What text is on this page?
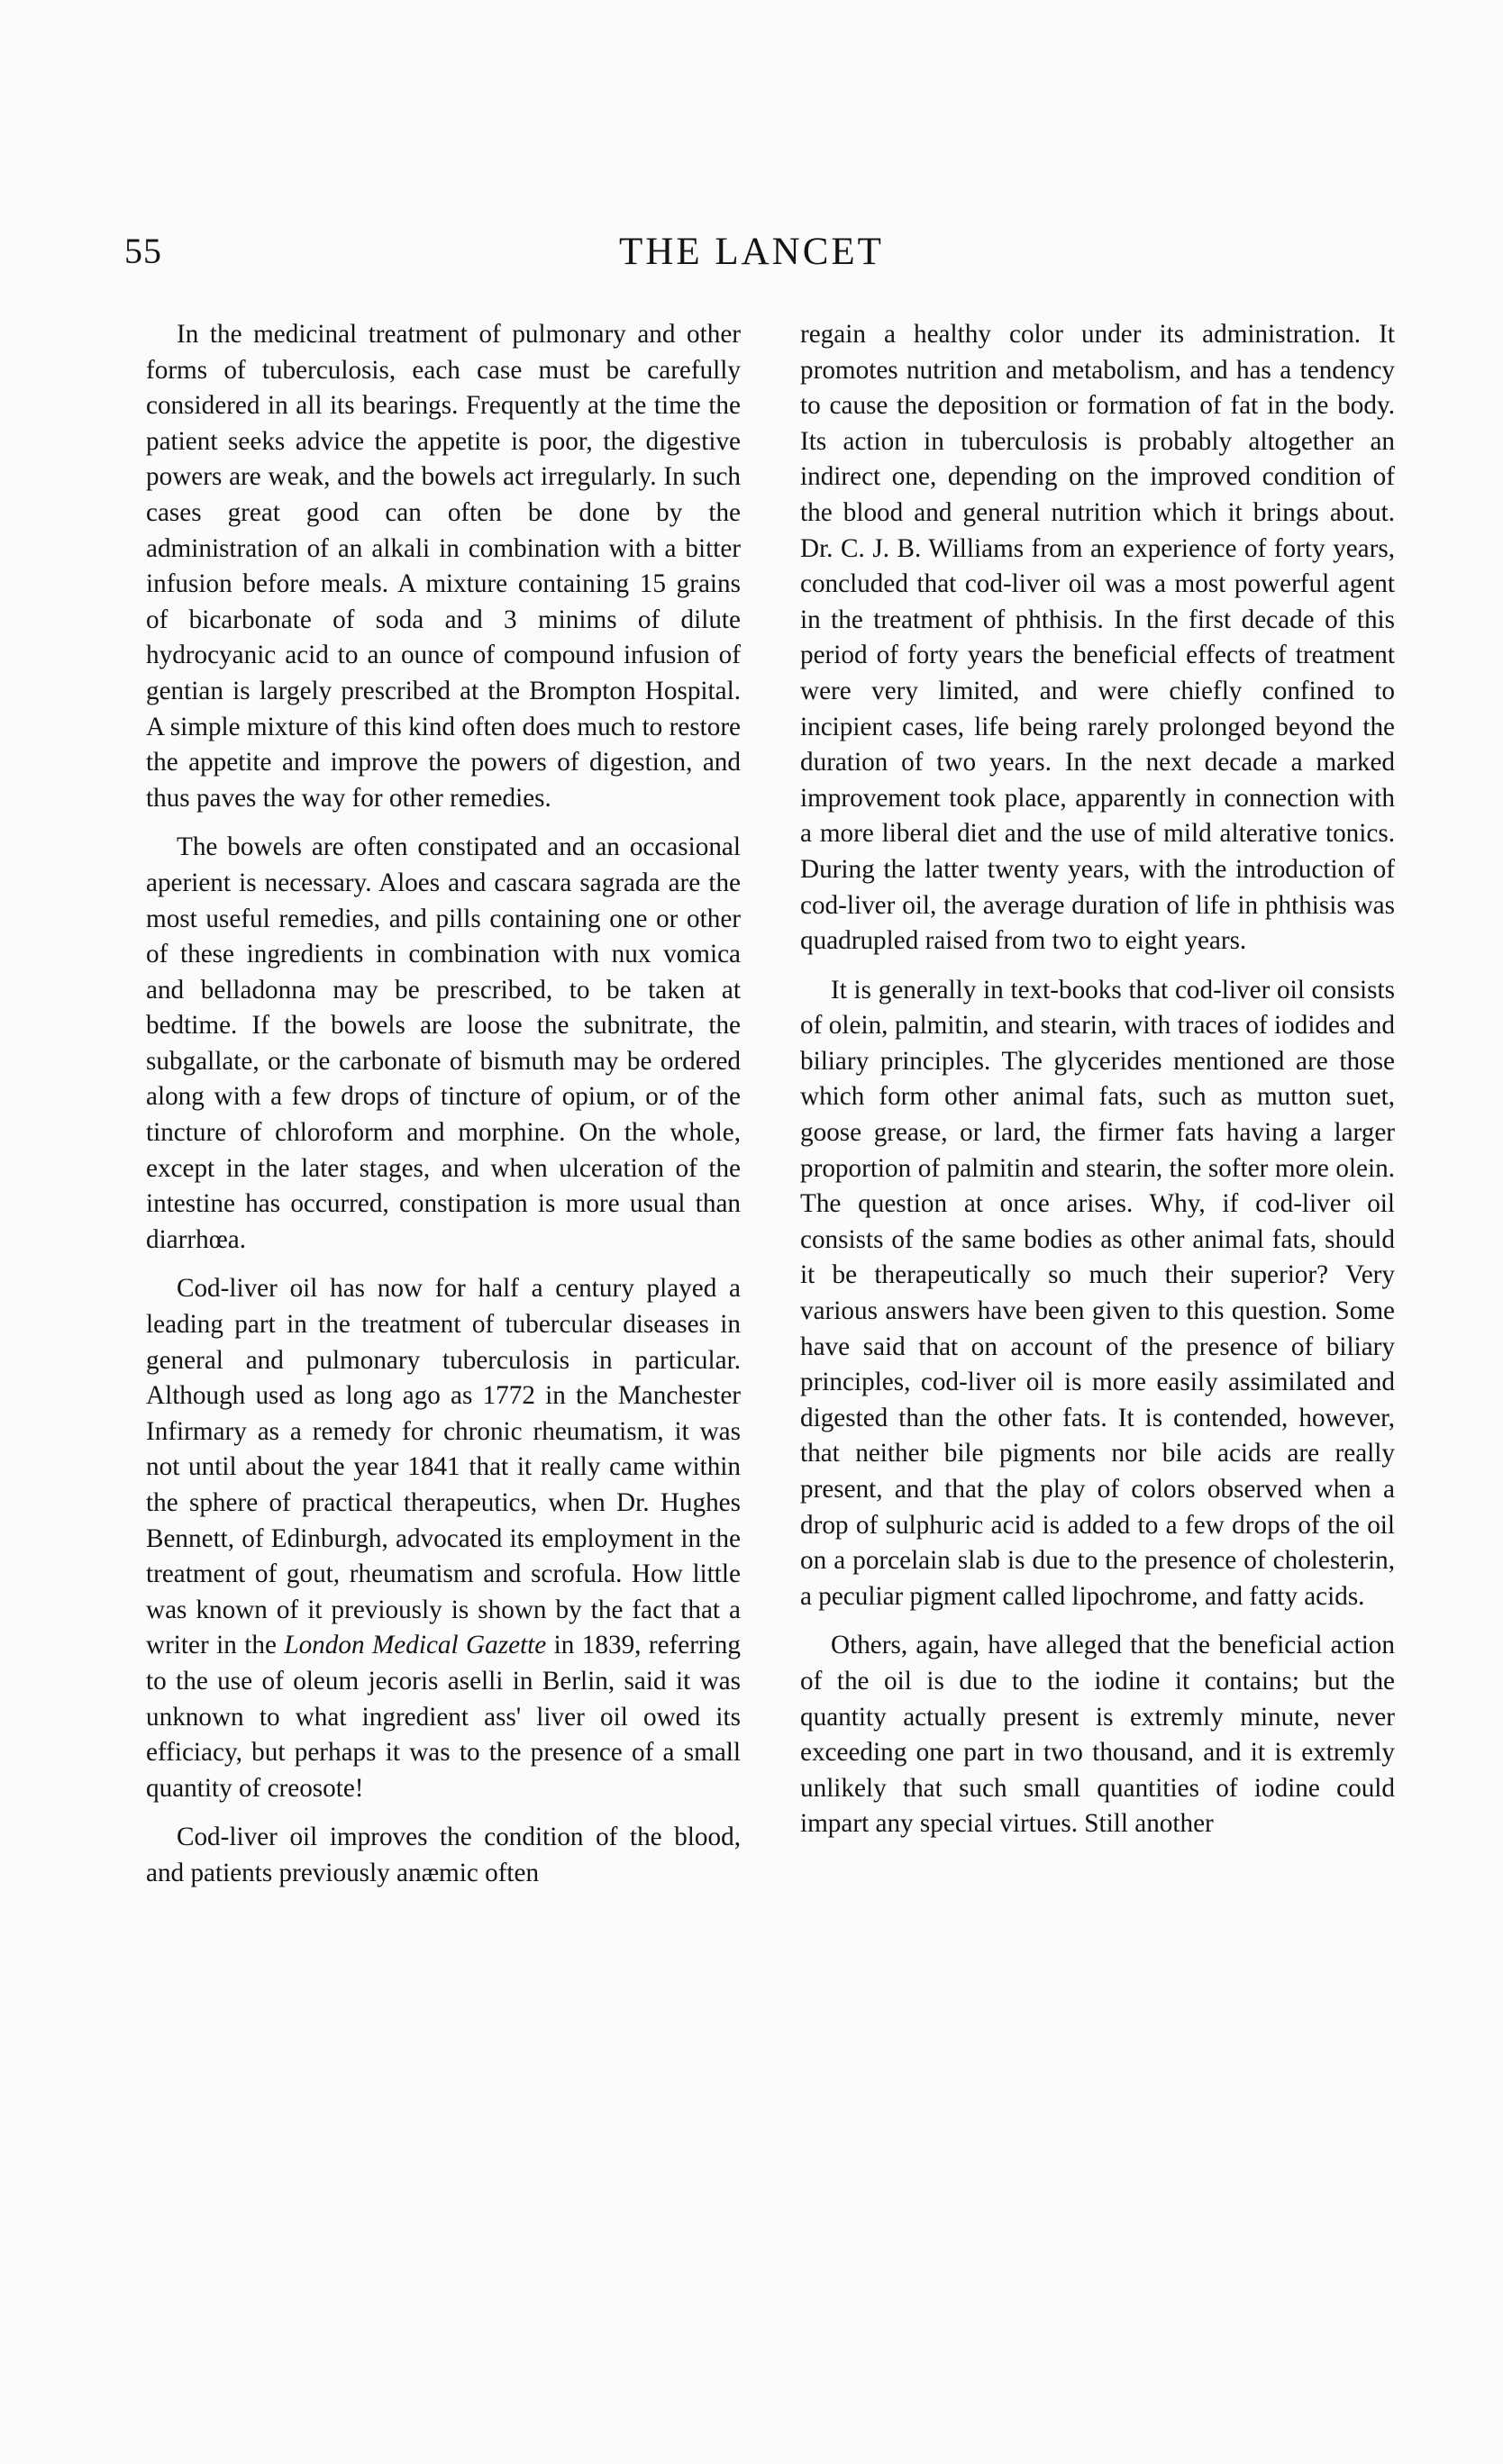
55	THE LANCET

In the medicinal treatment of pulmonary and other forms of tuberculosis, each case must be carefully considered in all its bearings. Frequently at the time the patient seeks advice the appetite is poor, the digestive powers are weak, and the bowels act irregularly. In such cases great good can often be done by the administration of an alkali in combination with a bitter infusion before meals. A mixture containing 15 grains of bicarbonate of soda and 3 minims of dilute hydrocyanic acid to an ounce of compound infusion of gentian is largely prescribed at the Brompton Hospital. A simple mixture of this kind often does much to restore the appetite and improve the powers of digestion, and thus paves the way for other remedies.

The bowels are often constipated and an occasional aperient is necessary. Aloes and cascara sagrada are the most useful remedies, and pills containing one or other of these ingredients in combination with nux vomica and belladonna may be prescribed, to be taken at bedtime. If the bowels are loose the subnitrate, the subgallate, or the carbonate of bismuth may be ordered along with a few drops of tincture of opium, or of the tincture of chloroform and morphine. On the whole, except in the later stages, and when ulceration of the intestine has occurred, constipation is more usual than diarrhœa.

Cod-liver oil has now for half a century played a leading part in the treatment of tubercular diseases in general and pulmonary tuberculosis in particular. Although used as long ago as 1772 in the Manchester Infirmary as a remedy for chronic rheumatism, it was not until about the year 1841 that it really came within the sphere of practical therapeutics, when Dr. Hughes Bennett, of Edinburgh, advocated its employment in the treatment of gout, rheumatism and scrofula. How little was known of it previously is shown by the fact that a writer in the London Medical Gazette in 1839, referring to the use of oleum jecoris aselli in Berlin, said it was unknown to what ingredient ass' liver oil owed its efficiacy, but perhaps it was to the presence of a small quantity of creosote!

Cod-liver oil improves the condition of the blood, and patients previously anæmic often

regain a healthy color under its administration. It promotes nutrition and metabolism, and has a tendency to cause the deposition or formation of fat in the body. Its action in tuberculosis is probably altogether an indirect one, depending on the improved condition of the blood and general nutrition which it brings about. Dr. C. J. B. Williams from an experience of forty years, concluded that cod-liver oil was a most powerful agent in the treatment of phthisis. In the first decade of this period of forty years the beneficial effects of treatment were very limited, and were chiefly confined to incipient cases, life being rarely prolonged beyond the duration of two years. In the next decade a marked improvement took place, apparently in connection with a more liberal diet and the use of mild alterative tonics. During the latter twenty years, with the introduction of cod-liver oil, the average duration of life in phthisis was quadrupled raised from two to eight years.

It is generally in text-books that cod-liver oil consists of olein, palmitin, and stearin, with traces of iodides and biliary principles. The glycerides mentioned are those which form other animal fats, such as mutton suet, goose grease, or lard, the firmer fats having a larger proportion of palmitin and stearin, the softer more olein. The question at once arises. Why, if cod-liver oil consists of the same bodies as other animal fats, should it be therapeutically so much their superior? Very various answers have been given to this question. Some have said that on account of the presence of biliary principles, cod-liver oil is more easily assimilated and digested than the other fats. It is contended, however, that neither bile pigments nor bile acids are really present, and that the play of colors observed when a drop of sulphuric acid is added to a few drops of the oil on a porcelain slab is due to the presence of cholesterin, a peculiar pigment called lipochrome, and fatty acids.

Others, again, have alleged that the beneficial action of the oil is due to the iodine it contains; but the quantity actually present is extremly minute, never exceeding one part in two thousand, and it is extremly unlikely that such small quantities of iodine could impart any special virtues. Still another
